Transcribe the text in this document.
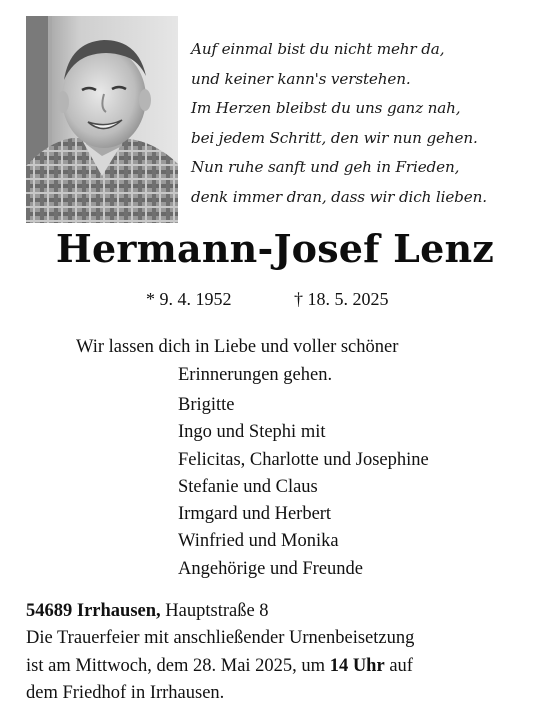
Auf einmal bist du nicht mehr da,
und keiner kann's verstehen.
Im Herzen bleibst du uns ganz nah,
bei jedem Schritt, den wir nun gehen.
Nun ruhe sanft und geh in Frieden,
denk immer dran, dass wir dich lieben.
Hermann-Josef Lenz
* 9. 4. 1952	† 18. 5. 2025
Wir lassen dich in Liebe und voller schöner
Erinnerungen gehen.
Brigitte
Ingo und Stephi mit
Felicitas, Charlotte und Josephine
Stefanie und Claus
Irmgard und Herbert
Winfried und Monika
Angehörige und Freunde
54689 Irrhausen, Hauptstraße 8
Die Trauerfeier mit anschließender Urnenbeisetzung
ist am Mittwoch, dem 28. Mai 2025, um 14 Uhr auf
dem Friedhof in Irrhausen.
